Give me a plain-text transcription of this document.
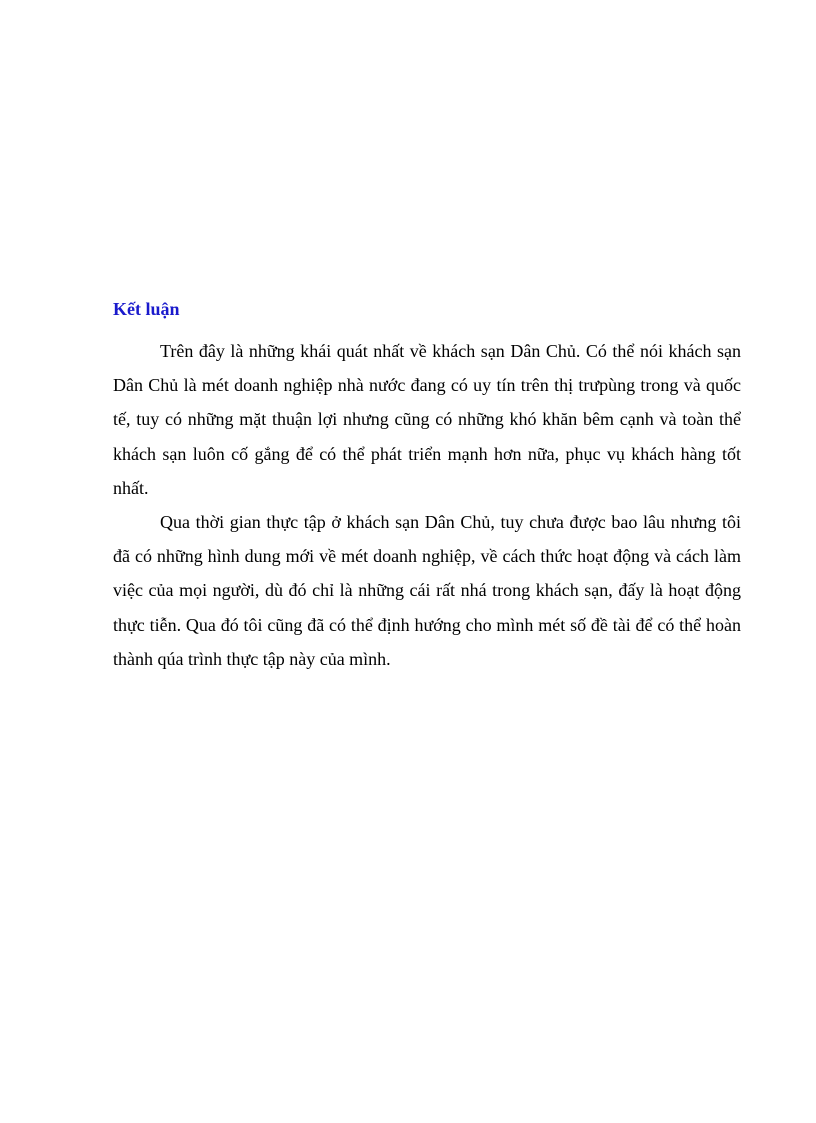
Kết luận

Trên đây là những khái quát nhất về khách sạn Dân Chủ. Có thể nói khách sạn Dân Chủ là mét doanh nghiệp nhà nước đang có uy tín trên thị trưpùng trong và quốc tế, tuy có những mặt thuận lợi nhưng cũng có những khó khăn bêm cạnh và toàn thể khách sạn luôn cố gắng để có thể phát triển mạnh hơn nữa, phục vụ khách hàng tốt nhất.

Qua thời gian thực tập ở khách sạn Dân Chủ, tuy chưa được bao lâu nhưng tôi đã có những hình dung mới về mét doanh nghiệp, về cách thức hoạt động và cách làm việc của mọi người, dù đó chỉ là những cái rất nhá trong khách sạn, đấy là hoạt động thực tiễn. Qua đó tôi cũng đã có thể định hướng cho mình mét số đề tài để có thể hoàn thành qúa trình thực tập này của mình.
